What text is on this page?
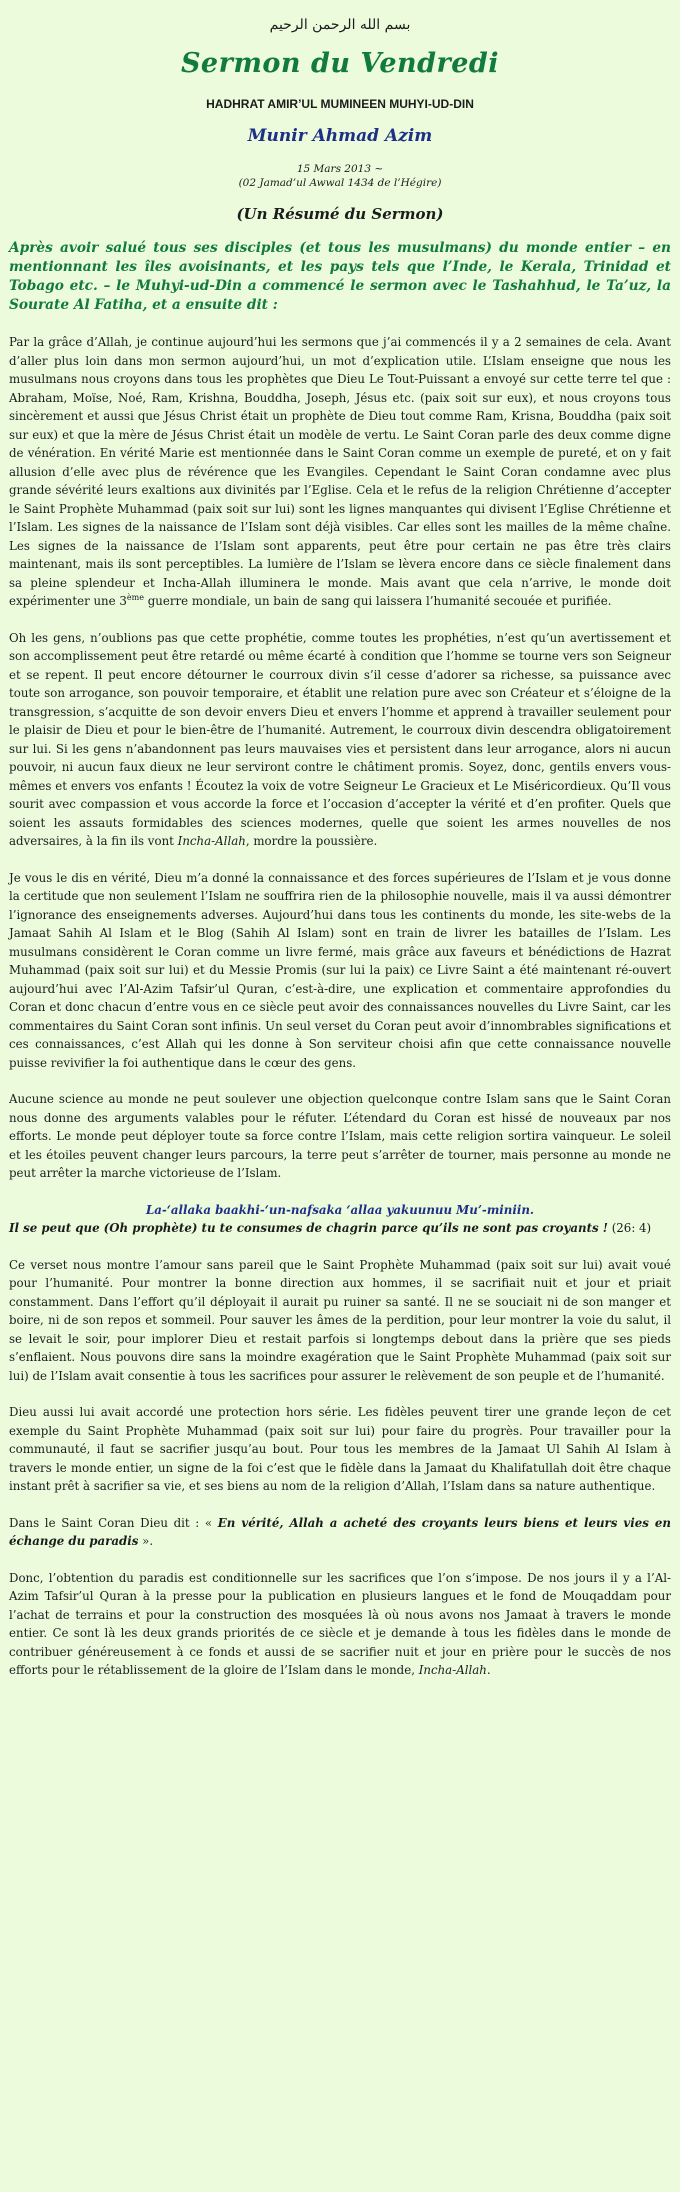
بسم الله الرحمن الرحيم
Sermon du Vendredi
HADHRAT AMIR’UL MUMINEEN MUHYI-UD-DIN
Munir Ahmad Azim
15 Mars 2013 ~
(02 Jamad’ul Awwal 1434 de l’Hégire)
(Un Résumé du Sermon)
Après avoir salué tous ses disciples (et tous les musulmans) du monde entier – en mentionnant les îles avoisinants, et les pays tels que l’Inde, le Kerala, Trinidad et Tobago etc. – le Muhyi-ud-Din a commencé le sermon avec le Tashahhud, le Ta’uz, la Sourate Al Fatiha, et a ensuite dit :

Par la grâce d’Allah, je continue aujourd’hui les sermons que j’ai commencés il y a 2 semaines de cela. Avant d’aller plus loin dans mon sermon aujourd’hui, un mot d’explication utile. L’Islam enseigne que nous les musulmans nous croyons dans tous les prophètes que Dieu Le Tout-Puissant a envoyé sur cette terre tel que : Abraham, Moïse, Noé, Ram, Krishna, Bouddha, Joseph, Jésus etc. (paix soit sur eux), et nous croyons tous sincèrement et aussi que Jésus Christ était un prophète de Dieu tout comme Ram, Krisna, Bouddha (paix soit sur eux) et que la mère de Jésus Christ était un modèle de vertu. Le Saint Coran parle des deux comme digne de vénération. En vérité Marie est mentionnée dans le Saint Coran comme un exemple de pureté, et on y fait allusion d’elle avec plus de révérence que les Evangiles. Cependant le Saint Coran condamne avec plus grande sévérité leurs exaltions aux divinités par l’Eglise. Cela et le refus de la religion Chrétienne d’accepter le Saint Prophète Muhammad (paix soit sur lui) sont les lignes manquantes qui divisent l’Eglise Chrétienne et l’Islam. Les signes de la naissance de l’Islam sont déjà visibles. Car elles sont les mailles de la même chaîne. Les signes de la naissance de l’Islam sont apparents, peut être pour certain ne pas être très clairs maintenant, mais ils sont perceptibles. La lumière de l’Islam se lèvera encore dans ce siècle finalement dans sa pleine splendeur et Incha-Allah illuminera le monde. Mais avant que cela n’arrive, le monde doit expérimenter une 3ème guerre mondiale, un bain de sang qui laissera l’humanité secouée et purifiée.

Oh les gens, n’oublions pas que cette prophétie, comme toutes les prophéties, n’est qu’un avertissement et son accomplissement peut être retardé ou même écarté à condition que l’homme se tourne vers son Seigneur et se repent. Il peut encore détourner le courroux divin s’il cesse d’adorer sa richesse, sa puissance avec toute son arrogance, son pouvoir temporaire, et établit une relation pure avec son Créateur et s’éloigne de la transgression, s’acquitte de son devoir envers Dieu et envers l’homme et apprend à travailler seulement pour le plaisir de Dieu et pour le bien-être de l’humanité. Autrement, le courroux divin descendra obligatoirement sur lui. Si les gens n’abandonnent pas leurs mauvaises vies et persistent dans leur arrogance, alors ni aucun pouvoir, ni aucun faux dieux ne leur serviront contre le châtiment promis. Soyez, donc, gentils envers vous-mêmes et envers vos enfants ! Écoutez la voix de votre Seigneur Le Gracieux et Le Miséricordieux. Qu’Il vous sourit avec compassion et vous accorde la force et l’occasion d’accepter la vérité et d’en profiter. Quels que soient les assauts formidables des sciences modernes, quelle que soient les armes nouvelles de nos adversaires, à la fin ils vont Incha-Allah, mordre la poussière.

Je vous le dis en vérité, Dieu m’a donné la connaissance et des forces supérieures de l’Islam et je vous donne la certitude que non seulement l’Islam ne souffrira rien de la philosophie nouvelle, mais il va aussi démontrer l’ignorance des enseignements adverses. Aujourd’hui dans tous les continents du monde, les site-webs de la Jamaat Sahih Al Islam et le Blog (Sahih Al Islam) sont en train de livrer les batailles de l’Islam. Les musulmans considèrent le Coran comme un livre fermé, mais grâce aux faveurs et bénédictions de Hazrat Muhammad (paix soit sur lui) et du Messie Promis (sur lui la paix) ce Livre Saint a été maintenant ré-ouvert aujourd’hui avec l’Al-Azim Tafsir’ul Quran, c’est-à-dire, une explication et commentaire approfondies du Coran et donc chacun d’entre vous en ce siècle peut avoir des connaissances nouvelles du Livre Saint, car les commentaires du Saint Coran sont infinis. Un seul verset du Coran peut avoir d’innombrables significations et ces connaissances, c’est Allah qui les donne à Son serviteur choisi afin que cette connaissance nouvelle puisse revivifier la foi authentique dans le cœur des gens.

Aucune science au monde ne peut soulever une objection quelconque contre Islam sans que le Saint Coran nous donne des arguments valables pour le réfuter. L’étendard du Coran est hissé de nouveaux par nos efforts. Le monde peut déployer toute sa force contre l’Islam, mais cette religion sortira vainqueur. Le soleil et les étoiles peuvent changer leurs parcours, la terre peut s’arrêter de tourner, mais personne au monde ne peut arrêter la marche victorieuse de l’Islam.

La-‘allaka baakhi-‘un-nafsaka ‘allaa yakuunuu Mu’-miniin.
Il se peut que (Oh prophète) tu te consumes de chagrin parce qu’ils ne sont pas croyants ! (26: 4)

Ce verset nous montre l’amour sans pareil que le Saint Prophète Muhammad (paix soit sur lui) avait voué pour l’humanité. Pour montrer la bonne direction aux hommes, il se sacrifiait nuit et jour et priait constamment. Dans l’effort qu’il déployait il aurait pu ruiner sa santé. Il ne se souciait ni de son manger et boire, ni de son repos et sommeil. Pour sauver les âmes de la perdition, pour leur montrer la voie du salut, il se levait le soir, pour implorer Dieu et restait parfois si longtemps debout dans la prière que ses pieds s’enflaient. Nous pouvons dire sans la moindre exagération que le Saint Prophète Muhammad (paix soit sur lui) de l’Islam avait consentie à tous les sacrifices pour assurer le relèvement de son peuple et de l’humanité.

Dieu aussi lui avait accordé une protection hors série. Les fidèles peuvent tirer une grande leçon de cet exemple du Saint Prophète Muhammad (paix soit sur lui) pour faire du progrès. Pour travailler pour la communauté, il faut se sacrifier jusqu’au bout. Pour tous les membres de la Jamaat Ul Sahih Al Islam à travers le monde entier, un signe de la foi c’est que le fidèle dans la Jamaat du Khalifatullah doit être chaque instant prêt à sacrifier sa vie, et ses biens au nom de la religion d’Allah, l’Islam dans sa nature authentique.

Dans le Saint Coran Dieu dit : « En vérité, Allah a acheté des croyants leurs biens et leurs vies en échange du paradis ».

Donc, l’obtention du paradis est conditionnelle sur les sacrifices que l’on s’impose. De nos jours il y a l’Al-Azim Tafsir’ul Quran à la presse pour la publication en plusieurs langues et le fond de Mouqaddam pour l’achat de terrains et pour la construction des mosquées là où nous avons nos Jamaat à travers le monde entier. Ce sont là les deux grands priorités de ce siècle et je demande à tous les fidèles dans le monde de contribuer généreusement à ce fonds et aussi de se sacrifier nuit et jour en prière pour le succès de nos efforts pour le rétablissement de la gloire de l’Islam dans le monde, Incha-Allah.
